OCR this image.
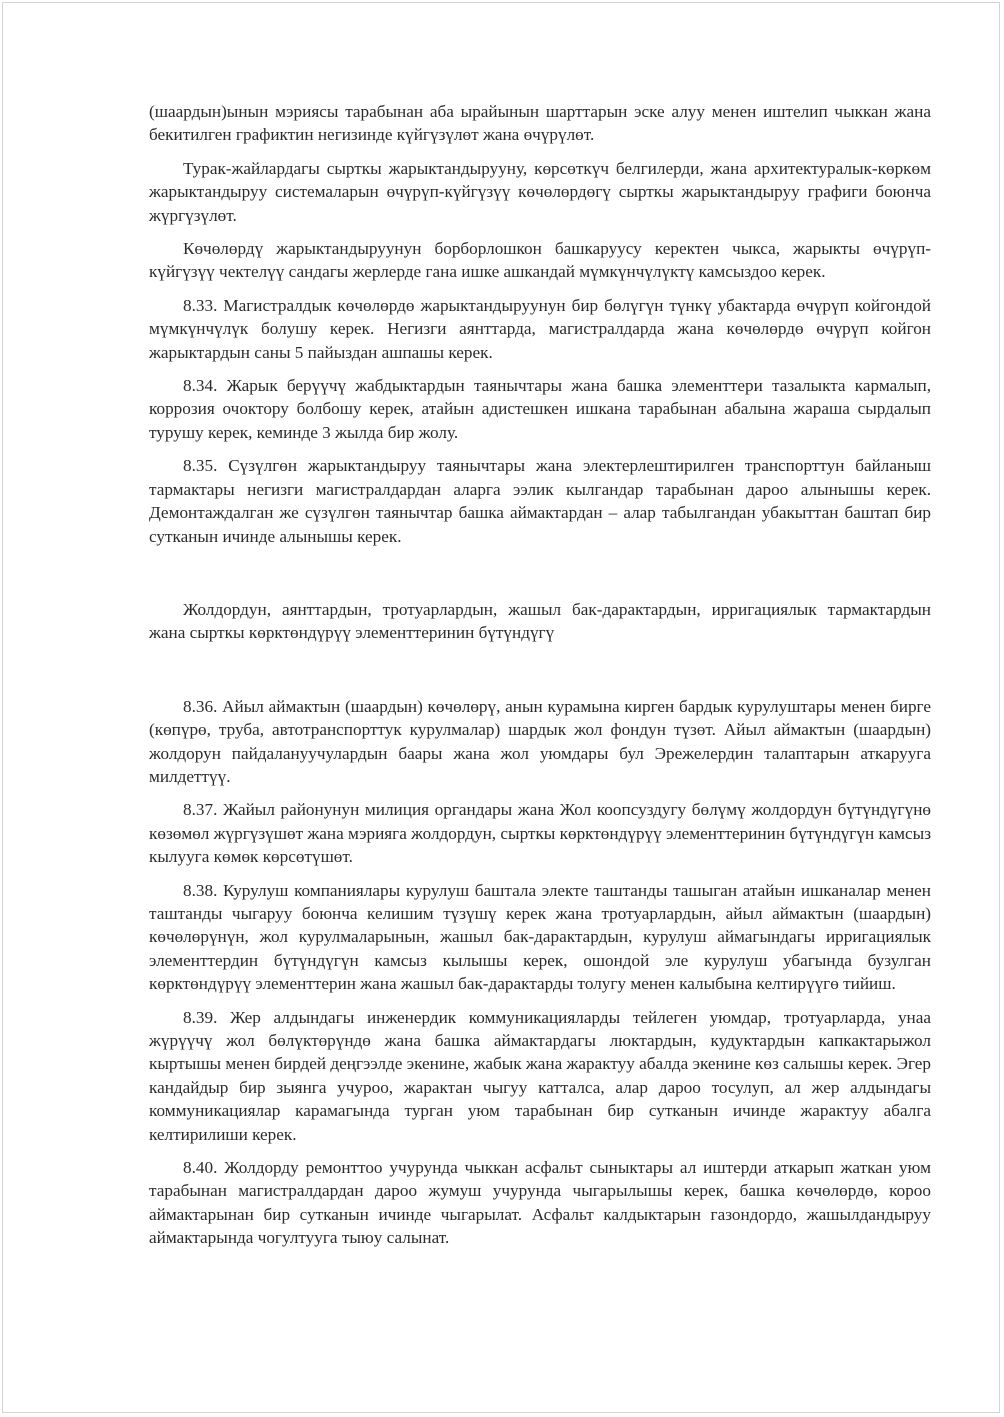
(шаардын)ынын мэриясы тарабынан аба ырайынын шарттарын эске алуу менен иштелип чыккан жана бекитилген графиктин негизинде күйгүзүлөт жана өчүрүлөт.

Турак-жайлардагы сырткы жарыктандырууну, көрсөткүч белгилерди, жана архитектуралык-көркөм жарыктандыруу системаларын өчүрүп-күйгүзүү көчөлөрдөгү сырткы жарыктандыруу графиги боюнча жүргүзүлөт.

Көчөлөрдү жарыктандыруунун борборлошкон башкаруусу керектен чыкса, жарыкты өчүрүп-күйгүзүү чектелүү сандагы жерлерде гана ишке ашкандай мүмкүнчүлүктү камсыздоо керек.

8.33. Магистралдык көчөлөрдө жарыктандыруунун бир бөлүгүн түнкү убактарда өчүрүп койгондой мүмкүнчүлүк болушу керек. Негизги аянттарда, магистралдарда жана көчөлөрдө өчүрүп койгон жарыктардын саны 5 пайыздан ашпашы керек.

8.34. Жарык берүүчү жабдыктардын таянычтары жана башка элементтери тазалыкта кармалып, коррозия очоктору болбошу керек, атайын адистешкен ишкана тарабынан абалына жараша сырдалып турушу керек, кеминде 3 жылда бир жолу.

8.35. Сүзүлгөн жарыктандыруу таянычтары жана электерлештирилген транспорттун байланыш тармактары негизги магистралдардан аларга ээлик кылгандар тарабынан дароо алынышы керек. Демонтаждалган же сүзүлгөн таянычтар башка аймактардан – алар табылгандан убакыттан баштап бир сутканын ичинде алынышы керек.

Жолдордун, аянттардын, тротуарлардын, жашыл бак-дарактардын, ирригациялык тармактардын жана сырткы көрктөндүрүү элементтеринин бүтүндүгү

8.36. Айыл аймактын (шаардын) көчөлөрү, анын курамына кирген бардык курулуштары менен бирге (көпүрө, труба, автотранспорттук курулмалар) шардык жол фондун түзөт. Айыл аймактын (шаардын) жолдорун пайдалануучулардын баары жана жол уюмдары бул Эрежелердин талаптарын аткарууга милдеттүү.

8.37. Жайыл районунун милиция органдары жана Жол коопсуздугу бөлүмү жолдордун бүтүндүгүнө көзөмөл жүргүзүшөт жана мэрияга жолдордун, сырткы көрктөндүрүү элементтеринин бүтүндүгүн камсыз кылууга көмөк көрсөтүшөт.

8.38. Курулуш компаниялары курулуш баштала электе таштанды ташыган атайын ишканалар менен таштанды чыгаруу боюнча келишим түзүшү керек жана тротуарлардын, айыл аймактын (шаардын) көчөлөрүнүн, жол курулмаларынын, жашыл бак-дарактардын, курулуш аймагындагы ирригациялык элементтердин бүтүндүгүн камсыз кылышы керек, ошондой эле курулуш убагында бузулган көрктөндүрүү элементтерин жана жашыл бак-дарактарды толугу менен калыбына келтирүүгө тийиш.

8.39. Жер алдындагы инженердик коммуникацияларды тейлеген уюмдар, тротуарларда, унаа жүрүүчү жол бөлүктөрүндө жана башка аймактардагы люктардын, кудуктардын капкактарыжол кыртышы менен бирдей деңгээлде экенине, жабык жана жарактуу абалда экенине көз салышы керек. Эгер кандайдыр бир зыянга учуроо, жарактан чыгуу катталса, алар дароо тосулуп, ал жер алдындагы коммуникациялар карамагында турган уюм тарабынан бир сутканын ичинде жарактуу абалга келтирилиши керек.

8.40. Жолдорду ремонттоо учурунда чыккан асфальт сыныктары ал иштерди аткарып жаткан уюм тарабынан магистралдардан дароо жумуш учурунда чыгарылышы керек, башка көчөлөрдө, короо аймактарынан бир сутканын ичинде чыгарылат. Асфальт калдыктарын газондордо, жашылдандыруу аймактарында чогултууга тыюу салынат.
